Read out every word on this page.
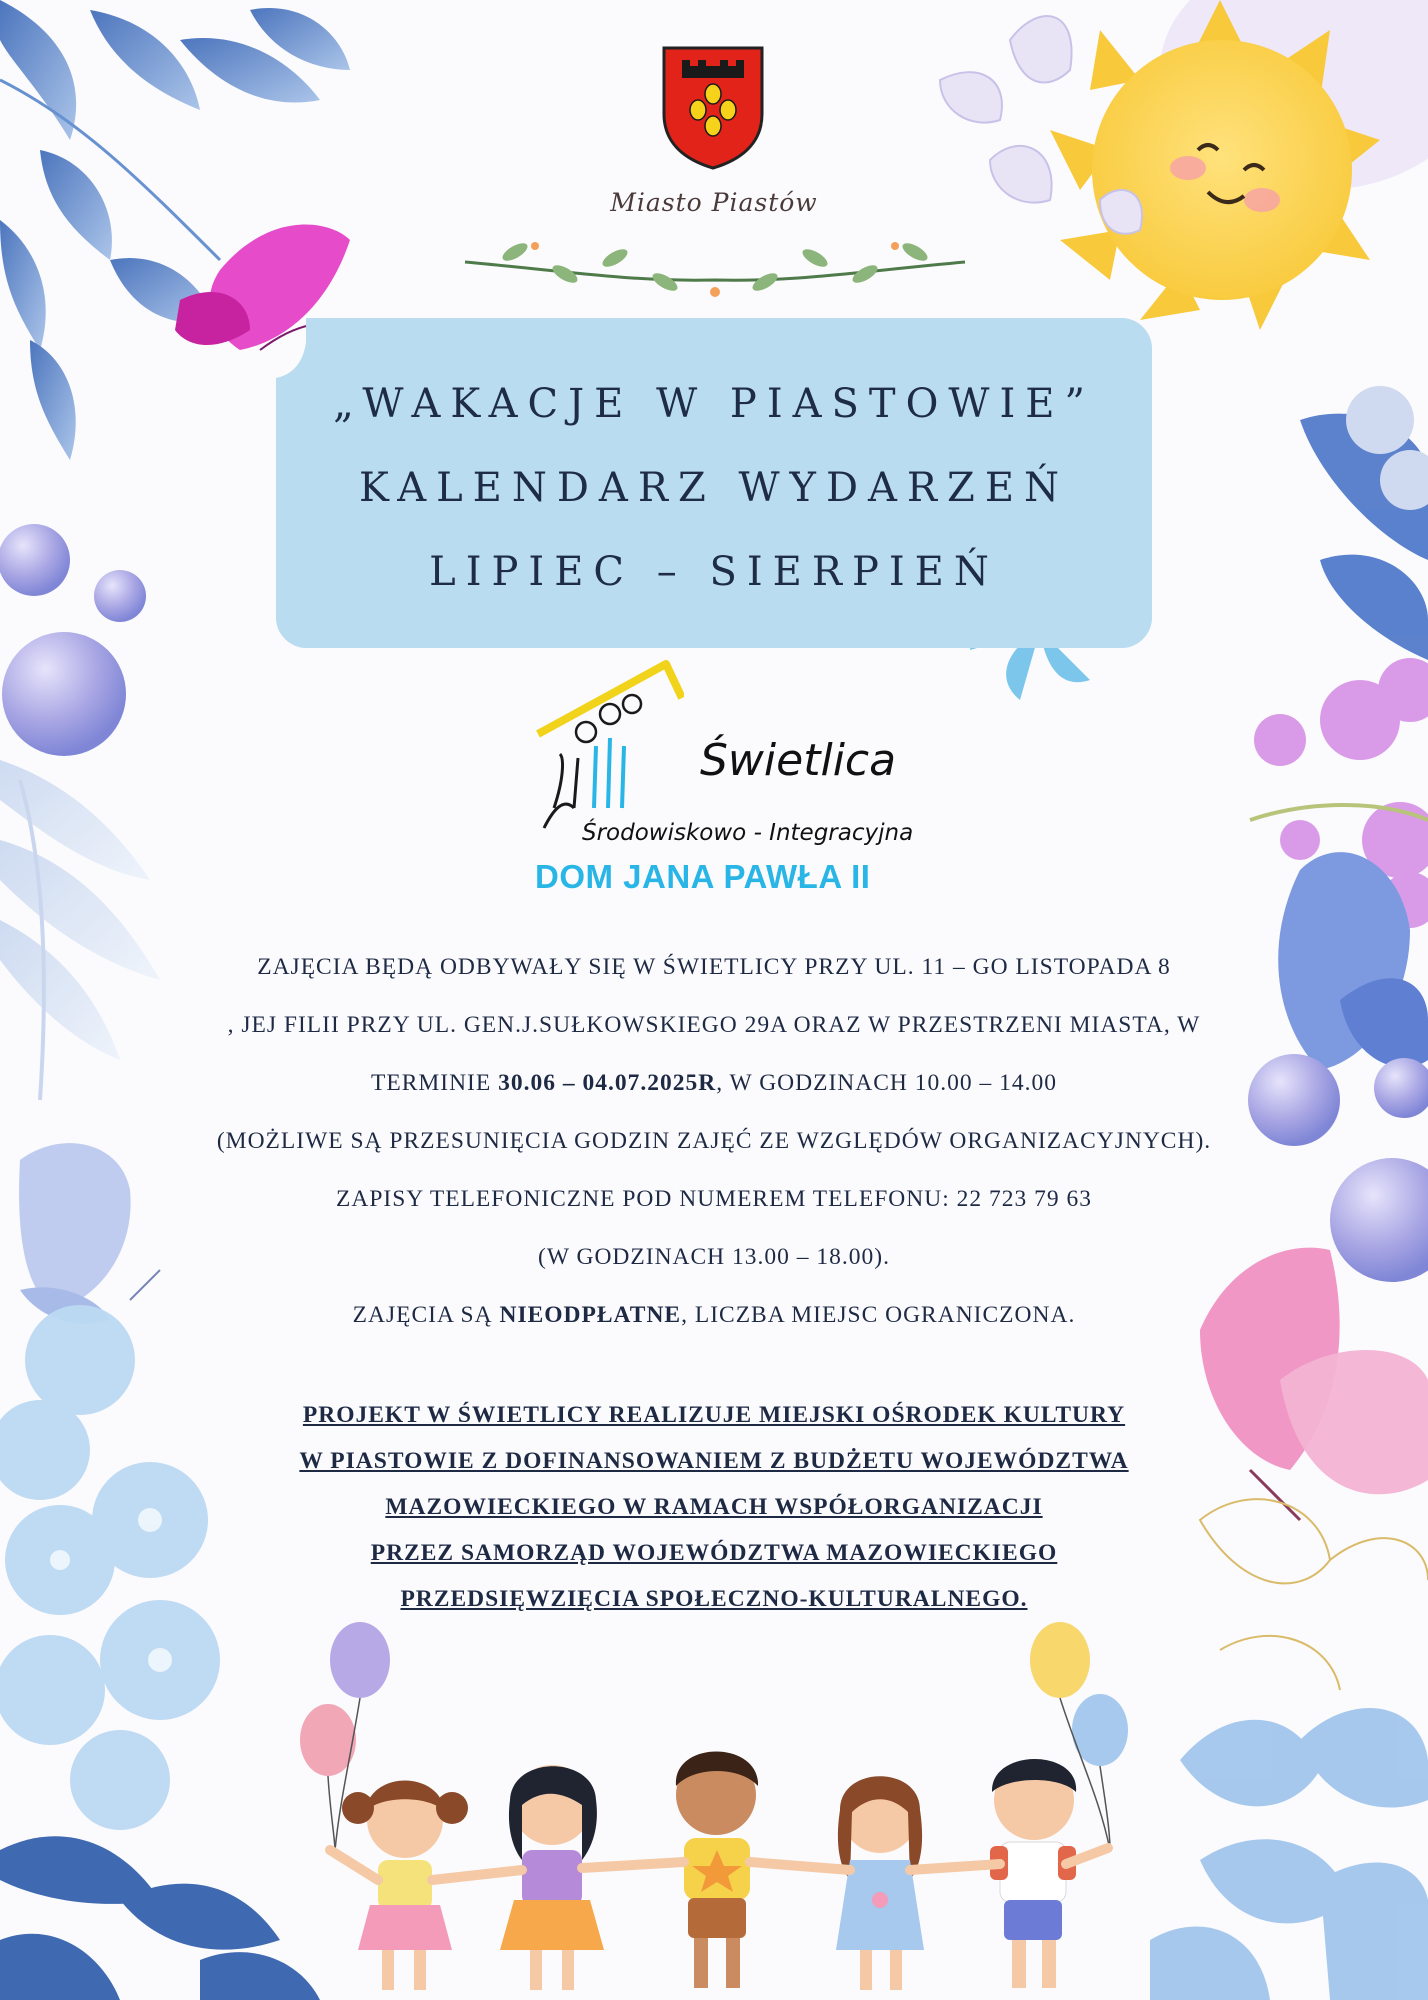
Miasto Piastów
„WAKACJE W PIASTOWIE”
KALENDARZ WYDARZEŃ
LIPIEC – SIERPIEŃ
Świetlica
Środowiskowo - Integracyjna
DOM JANA PAWŁA II
ZAJĘCIA BĘDĄ ODBYWAŁY SIĘ W ŚWIETLICY PRZY UL. 11 – GO LISTOPADA 8
, JEJ FILII PRZY UL. GEN.J.SUŁKOWSKIEGO 29A ORAZ W PRZESTRZENI MIASTA, W
TERMINIE 30.06 – 04.07.2025R, W GODZINACH 10.00 – 14.00
(MOŻLIWE SĄ PRZESUNIĘCIA GODZIN ZAJĘĆ ZE WZGLĘDÓW ORGANIZACYJNYCH).
ZAPISY TELEFONICZNE POD NUMEREM TELEFONU: 22 723 79 63
(W GODZINACH 13.00 – 18.00).
ZAJĘCIA SĄ NIEODPŁATNE, LICZBA MIEJSC OGRANICZONA.
PROJEKT W ŚWIETLICY REALIZUJE MIEJSKI OŚRODEK KULTURY
W PIASTOWIE Z DOFINANSOWANIEM Z BUDŻETU WOJEWÓDZTWA
MAZOWIECKIEGO W RAMACH WSPÓŁORGANIZACJI
PRZEZ SAMORZĄD WOJEWÓDZTWA MAZOWIECKIEGO
PRZEDSIĘWZIĘCIA SPOŁECZNO-KULTURALNEGO.
